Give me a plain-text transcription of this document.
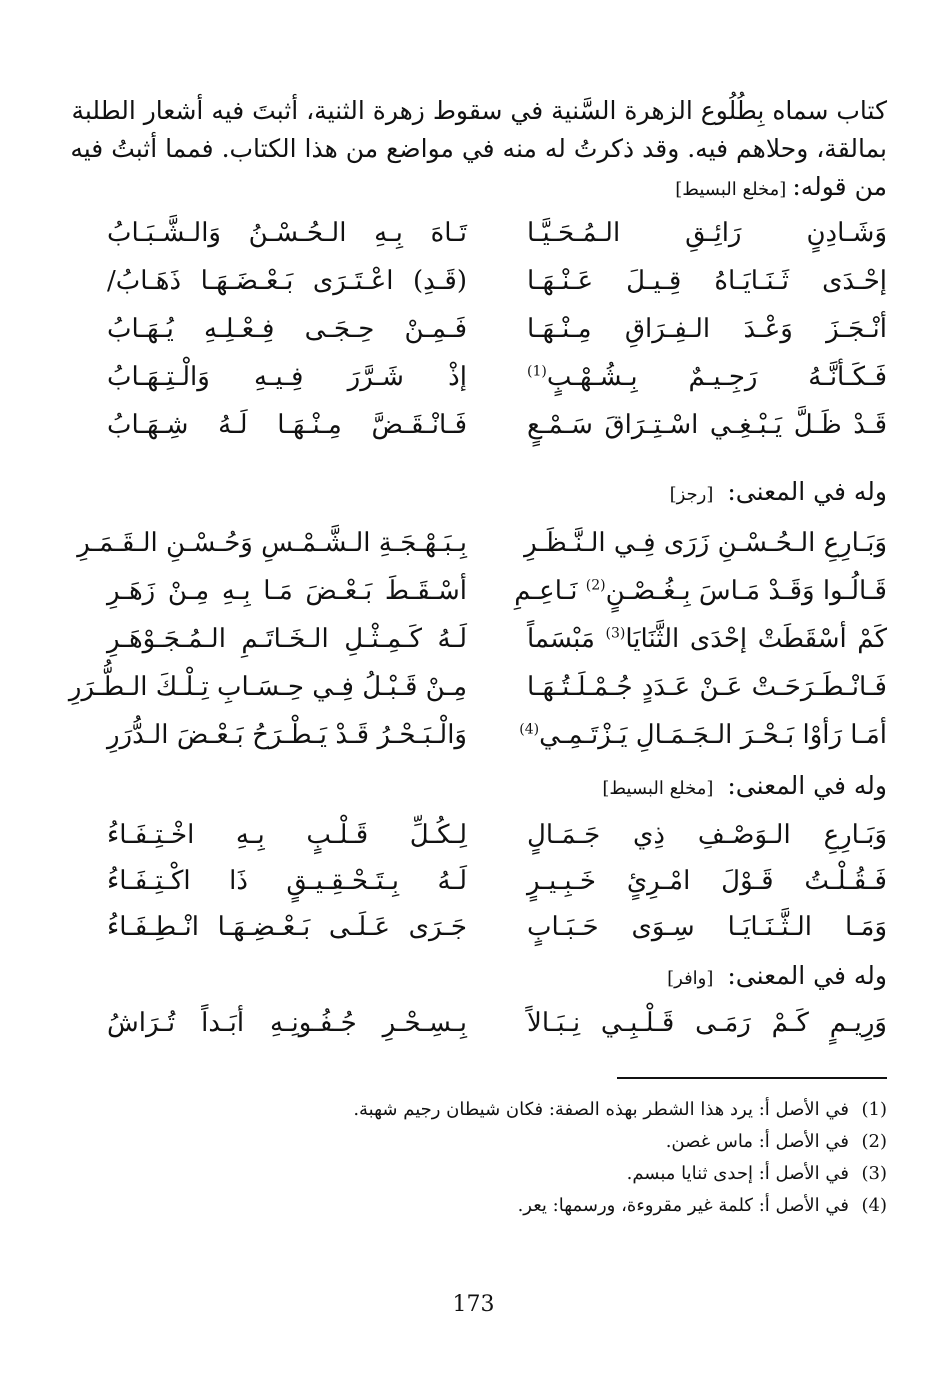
كتاب سماه بِطُلُوع الزهرة السَّنية في سقوط زهرة الثنية، أثبتَ فيه أشعار الطلبة
بمالقة، وحلاهم فيه. وقد ذكرتُ له منه في مواضع من هذا الكتاب. فمما أثبتُ فيه
من قوله:[مخلع البسيط]
وَشَـادِنٍ رَائِـقِ الـمُـحَـيَّـا
تَـاهَ بِـهِ الـحُـسْـنُ وَالـشَّـبَـابُ
إحْـدَى ثَـنَـايَـاهُ قِـيـلَ عَـنْـهَـا
(قَـدِ) اعْـتَـرَى بَـعْـضَـهَـا ذَهَـابُ/
أنْـجَـزَ وَعْـدَ الـفِـرَاقِ مِـنْـهَـا
فَـمِـنْ حِـجَـى فِـعْـلِـهِ يُـهَـابُ
فَـكَـأنَّـهُ رَجِـيـمٌ بِـشُـهْـبٍ$^{(1)}$
إذْ شَـرَّرَ فِـيـهِ وَالْـتِـهَـابُ
قَـدْ ظَـلَّ يَـبْـغِـي اسْـتِـرَاقَ سَـمْـعٍ
فَـانْـقَـضَّ مِـنْـهَـا لَـهُ شِـهَـابُ
وله في المعنى: [رجز]
وَبَـارِعِ الـحُـسْـنِ زَرَى فِـي الـنَّـظَـرِ
بِـبَـهْـجَـةِ الـشَّـمْـسِ وَحُـسْـنِ الـقَـمَـرِ
قَـالُـوا وَقَـدْ مَـاسَ بِـغُـصْـنٍ$^{(2)}$ نَـاعِـمِ
أسْـقَـطَ بَـعْـضَ مَـا بِـهِ مِـنْ زَهَـرِ
كَمْ أسْقَطَتْ إحْدَى الثَّنَايَا$^{(3)}$ مَبْسَماً
لَـهُ كَـمِـثْـلِ الـخَـاتَـمِ الـمُـجَـوْهَـرِ
فَـانْـطَـرَحَـتْ عَـنْ عَـدَدٍ جُـمْـلَـتُـهَـا
مِـنْ قَـبْـلُ فِـي حِـسَـابِ تِـلْـكَ الـطُّـرَرِ
أمَـا رَأوْا بَـحْـرَ الـجَـمَـالِ يَـزْتَـمِـي$^{(4)}$
وَالْـبَـحْـرُ قَـدْ يَـطْـرَحُ بَـعْـضَ الـدُّرَرِ
وله في المعنى: [مخلع البسيط]
وَبَـارِعِ الـوَصْـفِ ذِي جَـمَـالٍ
لِـكُـلِّ قَـلْـبٍ بِـهِ اخْـتِـفَـاءُ
فَـقُـلْـتُ قَـوْلَ امْـرِئٍ خَـبِـيـرٍ
لَـهُ بِـتَـحْـقِـيـقٍ ذَا اكْـتِـفَـاءُ
وَمَـا الـثَّـنَـايَـا سِـوَى حَـبَـابٍ
جَـرَى عَـلَـى بَـعْـضِـهَـا انْـطِـفَـاءُ
وله في المعنى: [وافر]
وَرِيـمٍ كَـمْ رَمَـى قَـلْـبِـي نِـبَـالاً
بِـسِـحْـرِ جُـفُـونِـهِ أبَـداً تُـرَاشُ
(1)في الأصل أ: يرد هذا الشطر بهذه الصفة: فكان شيطان رجيم شهبة.
(2)في الأصل أ: ماس غصن.
(3)في الأصل أ: إحدى ثنايا مبسم.
(4)في الأصل أ: كلمة غير مقروءة، ورسمها: يعر.
173
